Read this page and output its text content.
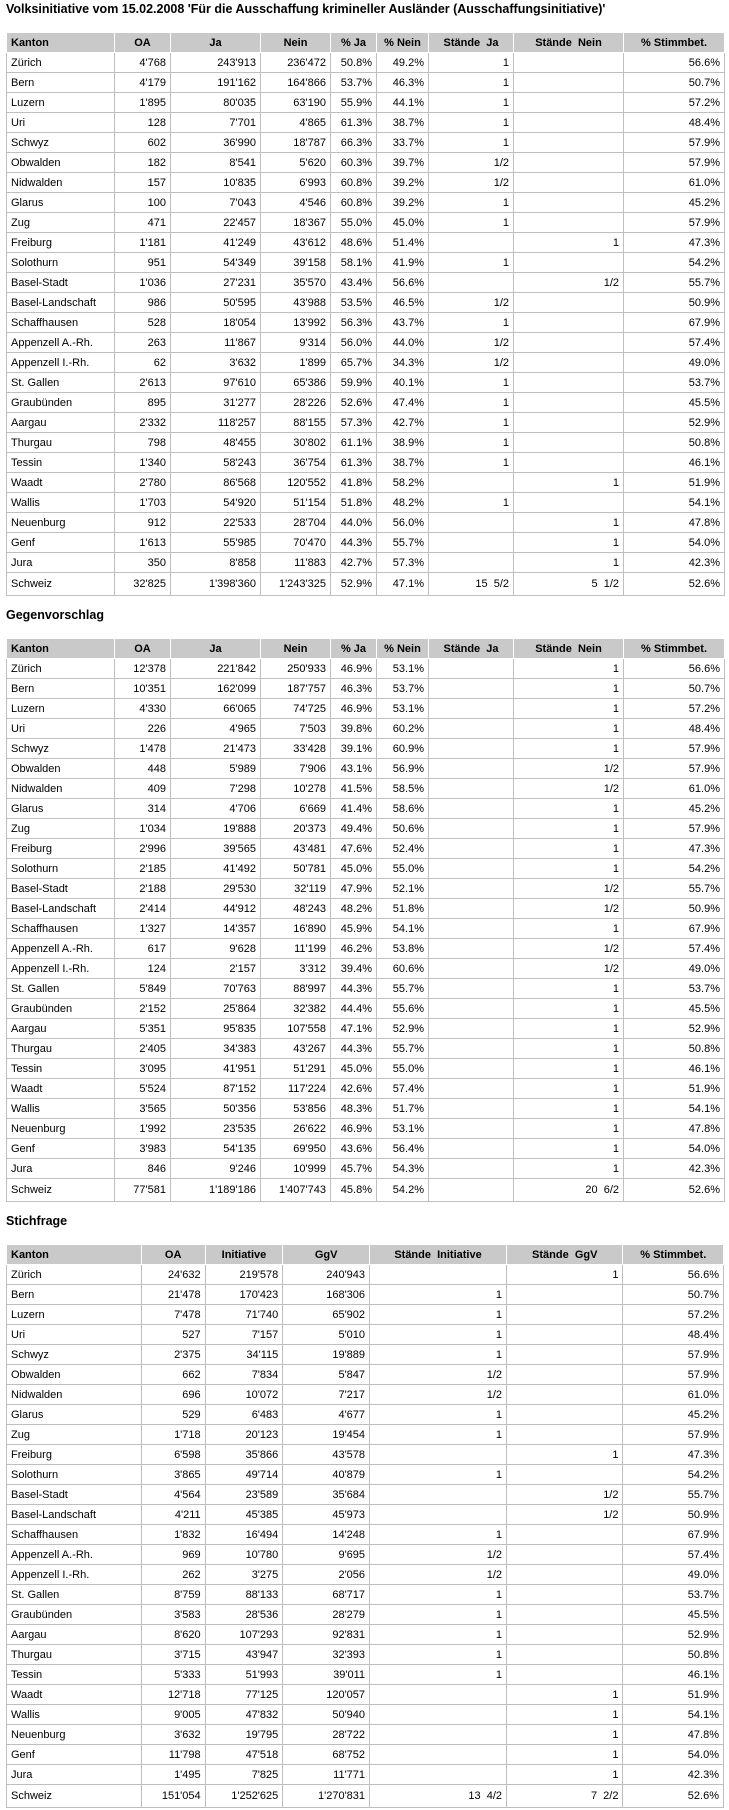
Volksinitiative vom 15.02.2008 'Für die Ausschaffung krimineller Ausländer (Ausschaffungsinitiative)'
Kanton	OA	Ja	Nein	% Ja	% Nein	Stände  Ja	Stände  Nein	% Stimmbet.
Zürich	4'768	243'913	236'472	50.8%	49.2%	1		56.6%
Bern	4'179	191'162	164'866	53.7%	46.3%	1		50.7%
Luzern	1'895	80'035	63'190	55.9%	44.1%	1		57.2%
Uri	128	7'701	4'865	61.3%	38.7%	1		48.4%
Schwyz	602	36'990	18'787	66.3%	33.7%	1		57.9%
Obwalden	182	8'541	5'620	60.3%	39.7%	1/2		57.9%
Nidwalden	157	10'835	6'993	60.8%	39.2%	1/2		61.0%
Glarus	100	7'043	4'546	60.8%	39.2%	1		45.2%
Zug	471	22'457	18'367	55.0%	45.0%	1		57.9%
Freiburg	1'181	41'249	43'612	48.6%	51.4%		1	47.3%
Solothurn	951	54'349	39'158	58.1%	41.9%	1		54.2%
Basel-Stadt	1'036	27'231	35'570	43.4%	56.6%		1/2	55.7%
Basel-Landschaft	986	50'595	43'988	53.5%	46.5%	1/2		50.9%
Schaffhausen	528	18'054	13'992	56.3%	43.7%	1		67.9%
Appenzell A.-Rh.	263	11'867	9'314	56.0%	44.0%	1/2		57.4%
Appenzell I.-Rh.	62	3'632	1'899	65.7%	34.3%	1/2		49.0%
St. Gallen	2'613	97'610	65'386	59.9%	40.1%	1		53.7%
Graubünden	895	31'277	28'226	52.6%	47.4%	1		45.5%
Aargau	2'332	118'257	88'155	57.3%	42.7%	1		52.9%
Thurgau	798	48'455	30'802	61.1%	38.9%	1		50.8%
Tessin	1'340	58'243	36'754	61.3%	38.7%	1		46.1%
Waadt	2'780	86'568	120'552	41.8%	58.2%		1	51.9%
Wallis	1'703	54'920	51'154	51.8%	48.2%	1		54.1%
Neuenburg	912	22'533	28'704	44.0%	56.0%		1	47.8%
Genf	1'613	55'985	70'470	44.3%	55.7%		1	54.0%
Jura	350	8'858	11'883	42.7%	57.3%		1	42.3%
Schweiz	32'825	1'398'360	1'243'325	52.9%	47.1%	15  5/2	5  1/2	52.6%
Gegenvorschlag
Kanton	OA	Ja	Nein	% Ja	% Nein	Stände  Ja	Stände  Nein	% Stimmbet.
Zürich	12'378	221'842	250'933	46.9%	53.1%		1	56.6%
Bern	10'351	162'099	187'757	46.3%	53.7%		1	50.7%
Luzern	4'330	66'065	74'725	46.9%	53.1%		1	57.2%
Uri	226	4'965	7'503	39.8%	60.2%		1	48.4%
Schwyz	1'478	21'473	33'428	39.1%	60.9%		1	57.9%
Obwalden	448	5'989	7'906	43.1%	56.9%		1/2	57.9%
Nidwalden	409	7'298	10'278	41.5%	58.5%		1/2	61.0%
Glarus	314	4'706	6'669	41.4%	58.6%		1	45.2%
Zug	1'034	19'888	20'373	49.4%	50.6%		1	57.9%
Freiburg	2'996	39'565	43'481	47.6%	52.4%		1	47.3%
Solothurn	2'185	41'492	50'781	45.0%	55.0%		1	54.2%
Basel-Stadt	2'188	29'530	32'119	47.9%	52.1%		1/2	55.7%
Basel-Landschaft	2'414	44'912	48'243	48.2%	51.8%		1/2	50.9%
Schaffhausen	1'327	14'357	16'890	45.9%	54.1%		1	67.9%
Appenzell A.-Rh.	617	9'628	11'199	46.2%	53.8%		1/2	57.4%
Appenzell I.-Rh.	124	2'157	3'312	39.4%	60.6%		1/2	49.0%
St. Gallen	5'849	70'763	88'997	44.3%	55.7%		1	53.7%
Graubünden	2'152	25'864	32'382	44.4%	55.6%		1	45.5%
Aargau	5'351	95'835	107'558	47.1%	52.9%		1	52.9%
Thurgau	2'405	34'383	43'267	44.3%	55.7%		1	50.8%
Tessin	3'095	41'951	51'291	45.0%	55.0%		1	46.1%
Waadt	5'524	87'152	117'224	42.6%	57.4%		1	51.9%
Wallis	3'565	50'356	53'856	48.3%	51.7%		1	54.1%
Neuenburg	1'992	23'535	26'622	46.9%	53.1%		1	47.8%
Genf	3'983	54'135	69'950	43.6%	56.4%		1	54.0%
Jura	846	9'246	10'999	45.7%	54.3%		1	42.3%
Schweiz	77'581	1'189'186	1'407'743	45.8%	54.2%		20  6/2	52.6%
Stichfrage
Kanton	OA	Initiative	GgV	Stände  Initiative	Stände  GgV	% Stimmbet.
Zürich	24'632	219'578	240'943		1	56.6%
Bern	21'478	170'423	168'306	1		50.7%
Luzern	7'478	71'740	65'902	1		57.2%
Uri	527	7'157	5'010	1		48.4%
Schwyz	2'375	34'115	19'889	1		57.9%
Obwalden	662	7'834	5'847	1/2		57.9%
Nidwalden	696	10'072	7'217	1/2		61.0%
Glarus	529	6'483	4'677	1		45.2%
Zug	1'718	20'123	19'454	1		57.9%
Freiburg	6'598	35'866	43'578		1	47.3%
Solothurn	3'865	49'714	40'879	1		54.2%
Basel-Stadt	4'564	23'589	35'684		1/2	55.7%
Basel-Landschaft	4'211	45'385	45'973		1/2	50.9%
Schaffhausen	1'832	16'494	14'248	1		67.9%
Appenzell A.-Rh.	969	10'780	9'695	1/2		57.4%
Appenzell I.-Rh.	262	3'275	2'056	1/2		49.0%
St. Gallen	8'759	88'133	68'717	1		53.7%
Graubünden	3'583	28'536	28'279	1		45.5%
Aargau	8'620	107'293	92'831	1		52.9%
Thurgau	3'715	43'947	32'393	1		50.8%
Tessin	5'333	51'993	39'011	1		46.1%
Waadt	12'718	77'125	120'057		1	51.9%
Wallis	9'005	47'832	50'940		1	54.1%
Neuenburg	3'632	19'795	28'722		1	47.8%
Genf	11'798	47'518	68'752		1	54.0%
Jura	1'495	7'825	11'771		1	42.3%
Schweiz	151'054	1'252'625	1'270'831	13  4/2	7  2/2	52.6%
